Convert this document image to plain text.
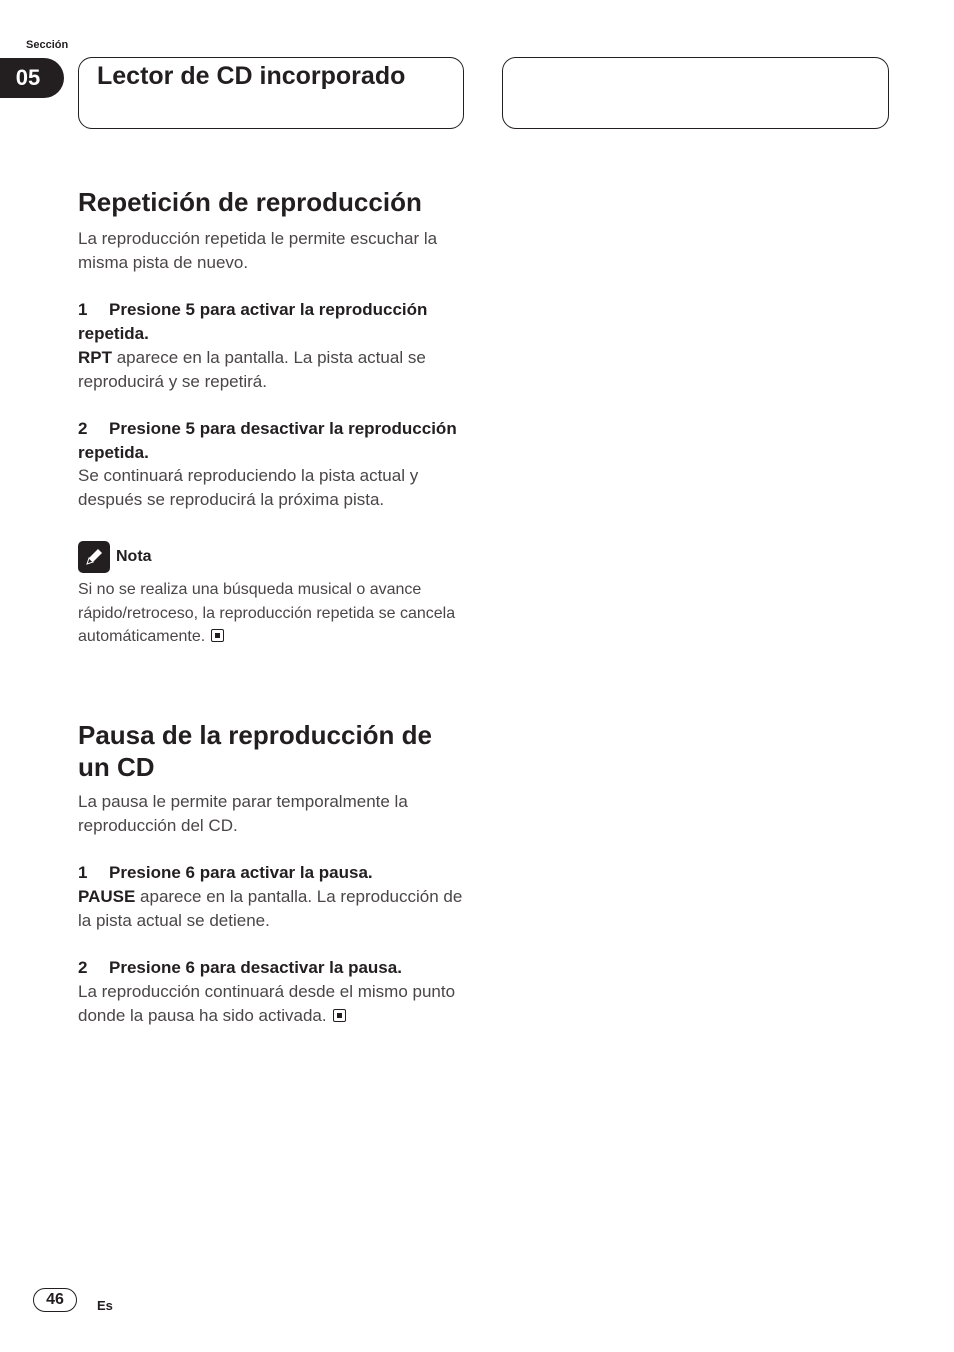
Sección
05	Lector de CD incorporado
Repetición de reproducción
La reproducción repetida le permite escuchar la misma pista de nuevo.
1 Presione 5 para activar la reproducción repetida.
RPT aparece en la pantalla. La pista actual se reproducirá y se repetirá.
2 Presione 5 para desactivar la reproducción repetida.
Se continuará reproduciendo la pista actual y después se reproducirá la próxima pista.
Nota
Si no se realiza una búsqueda musical o avance rápido/retroceso, la reproducción repetida se cancela automáticamente.
Pausa de la reproducción de un CD
La pausa le permite parar temporalmente la reproducción del CD.
1 Presione 6 para activar la pausa.
PAUSE aparece en la pantalla. La reproducción de la pista actual se detiene.
2 Presione 6 para desactivar la pausa.
La reproducción continuará desde el mismo punto donde la pausa ha sido activada.
46	Es
